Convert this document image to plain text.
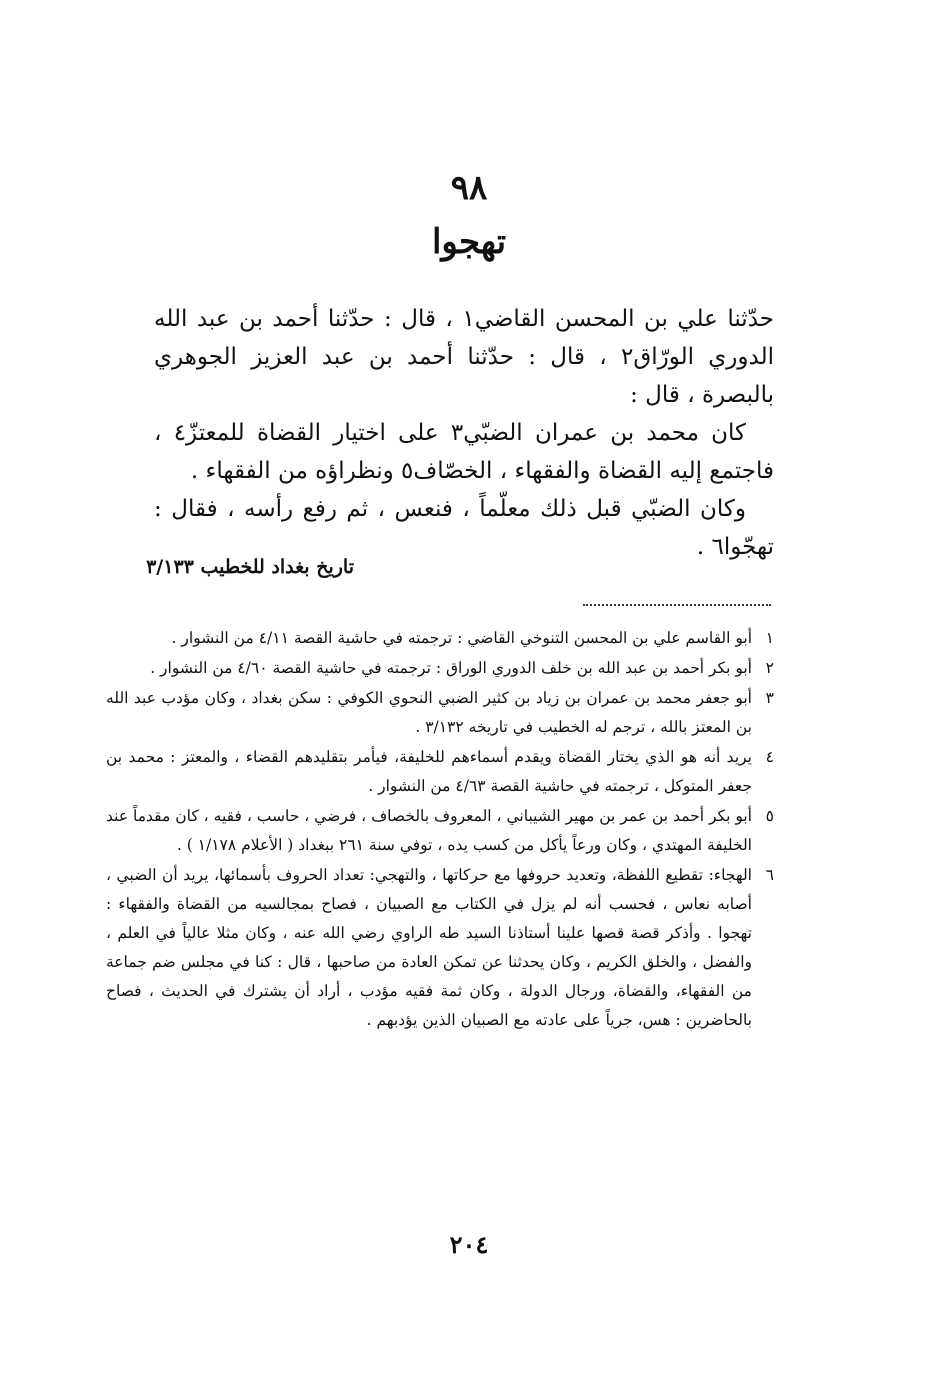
٩٨
تهجوا

حدّثنا علي بن المحسن القاضي١ ، قال : حدّثنا أحمد بن عبد الله الدوري الورّاق٢ ، قال : حدّثنا أحمد بن عبد العزيز الجوهري بالبصرة ، قال :

كان محمد بن عمران الضبّي٣ على اختيار القضاة للمعتزّ٤ ، فاجتمع إليه القضاة والفقهاء ، الخصّاف٥ ونظراؤه من الفقهاء .

وكان الضبّي قبل ذلك معلّماً ، فنعس ، ثم رفع رأسه ، فقال : تهجّوا٦ .

تاريخ بغداد للخطيب ٣/١٣٣
١
أبو القاسم علي بن المحسن التنوخي القاضي : ترجمته في حاشية القصة ٤/١١ من النشوار .
٢
أبو بكر أحمد بن عبد الله بن خلف الدوري الوراق : ترجمته في حاشية القصة ٤/٦٠ من النشوار .
٣
أبو جعفر محمد بن عمران بن زياد بن كثير الضبي النحوي الكوفي : سكن بغداد ، وكان مؤدب عبد الله بن المعتز بالله ، ترجم له الخطيب في تاريخه ٣/١٣٢ .
٤
يريد أنه هو الذي يختار القضاة ويقدم أسماءهم للخليفة، فيأمر بتقليدهم القضاء ، والمعتز : محمد بن جعفر المتوكل ، ترجمته في حاشية القصة ٤/٦٣ من النشوار .
٥
أبو بكر أحمد بن عمر بن مهير الشيباني ، المعروف بالخصاف ، فرضي ، حاسب ، فقيه ، كان مقدماً عند الخليفة المهتدي ، وكان ورعاً يأكل من كسب يده ، توفي سنة ٢٦١ ببغداد ( الأعلام ١/١٧٨ ) .
٦
الهجاء: تقطيع اللفظة، وتعديد حروفها مع حركاتها ، والتهجي: تعداد الحروف بأسمائها، يريد أن الضبي ، أصابه نعاس ، فحسب أنه لم يزل في الكتاب مع الصبيان ، فصاح بمجالسيه من القضاة والفقهاء : تهجوا . وأذكر قصة قصها علينا أستاذنا السيد طه الراوي رضي الله عنه ، وكان مثلا عالياً في العلم ، والفضل ، والخلق الكريم ، وكان يحدثنا عن تمكن العادة من صاحبها ، قال : كنا في مجلس ضم جماعة من الفقهاء، والقضاة، ورجال الدولة ، وكان ثمة فقيه مؤدب ، أراد أن يشترك في الحديث ، فصاح بالحاضرين : هس، جرياً على عادته مع الصبيان الذين يؤدبهم .
٢٠٤
